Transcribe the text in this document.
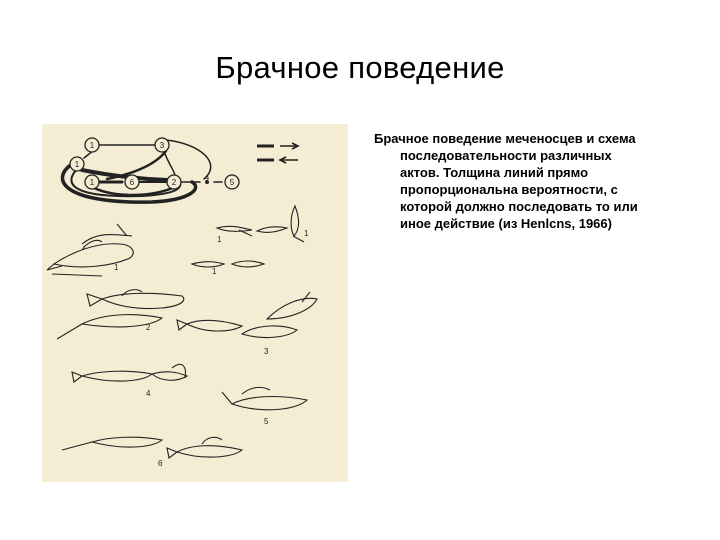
Брачное поведение
1	3
1
1	6	2
4
5
1
1
1
1
2
3
4
5
6
Брачное поведение меченосцев и схема
последовательности различных
актов. Толщина линий прямо
пропорциональна вероятности, с
которой должно последовать то или
иное действие (из Henlcns, 1966)
